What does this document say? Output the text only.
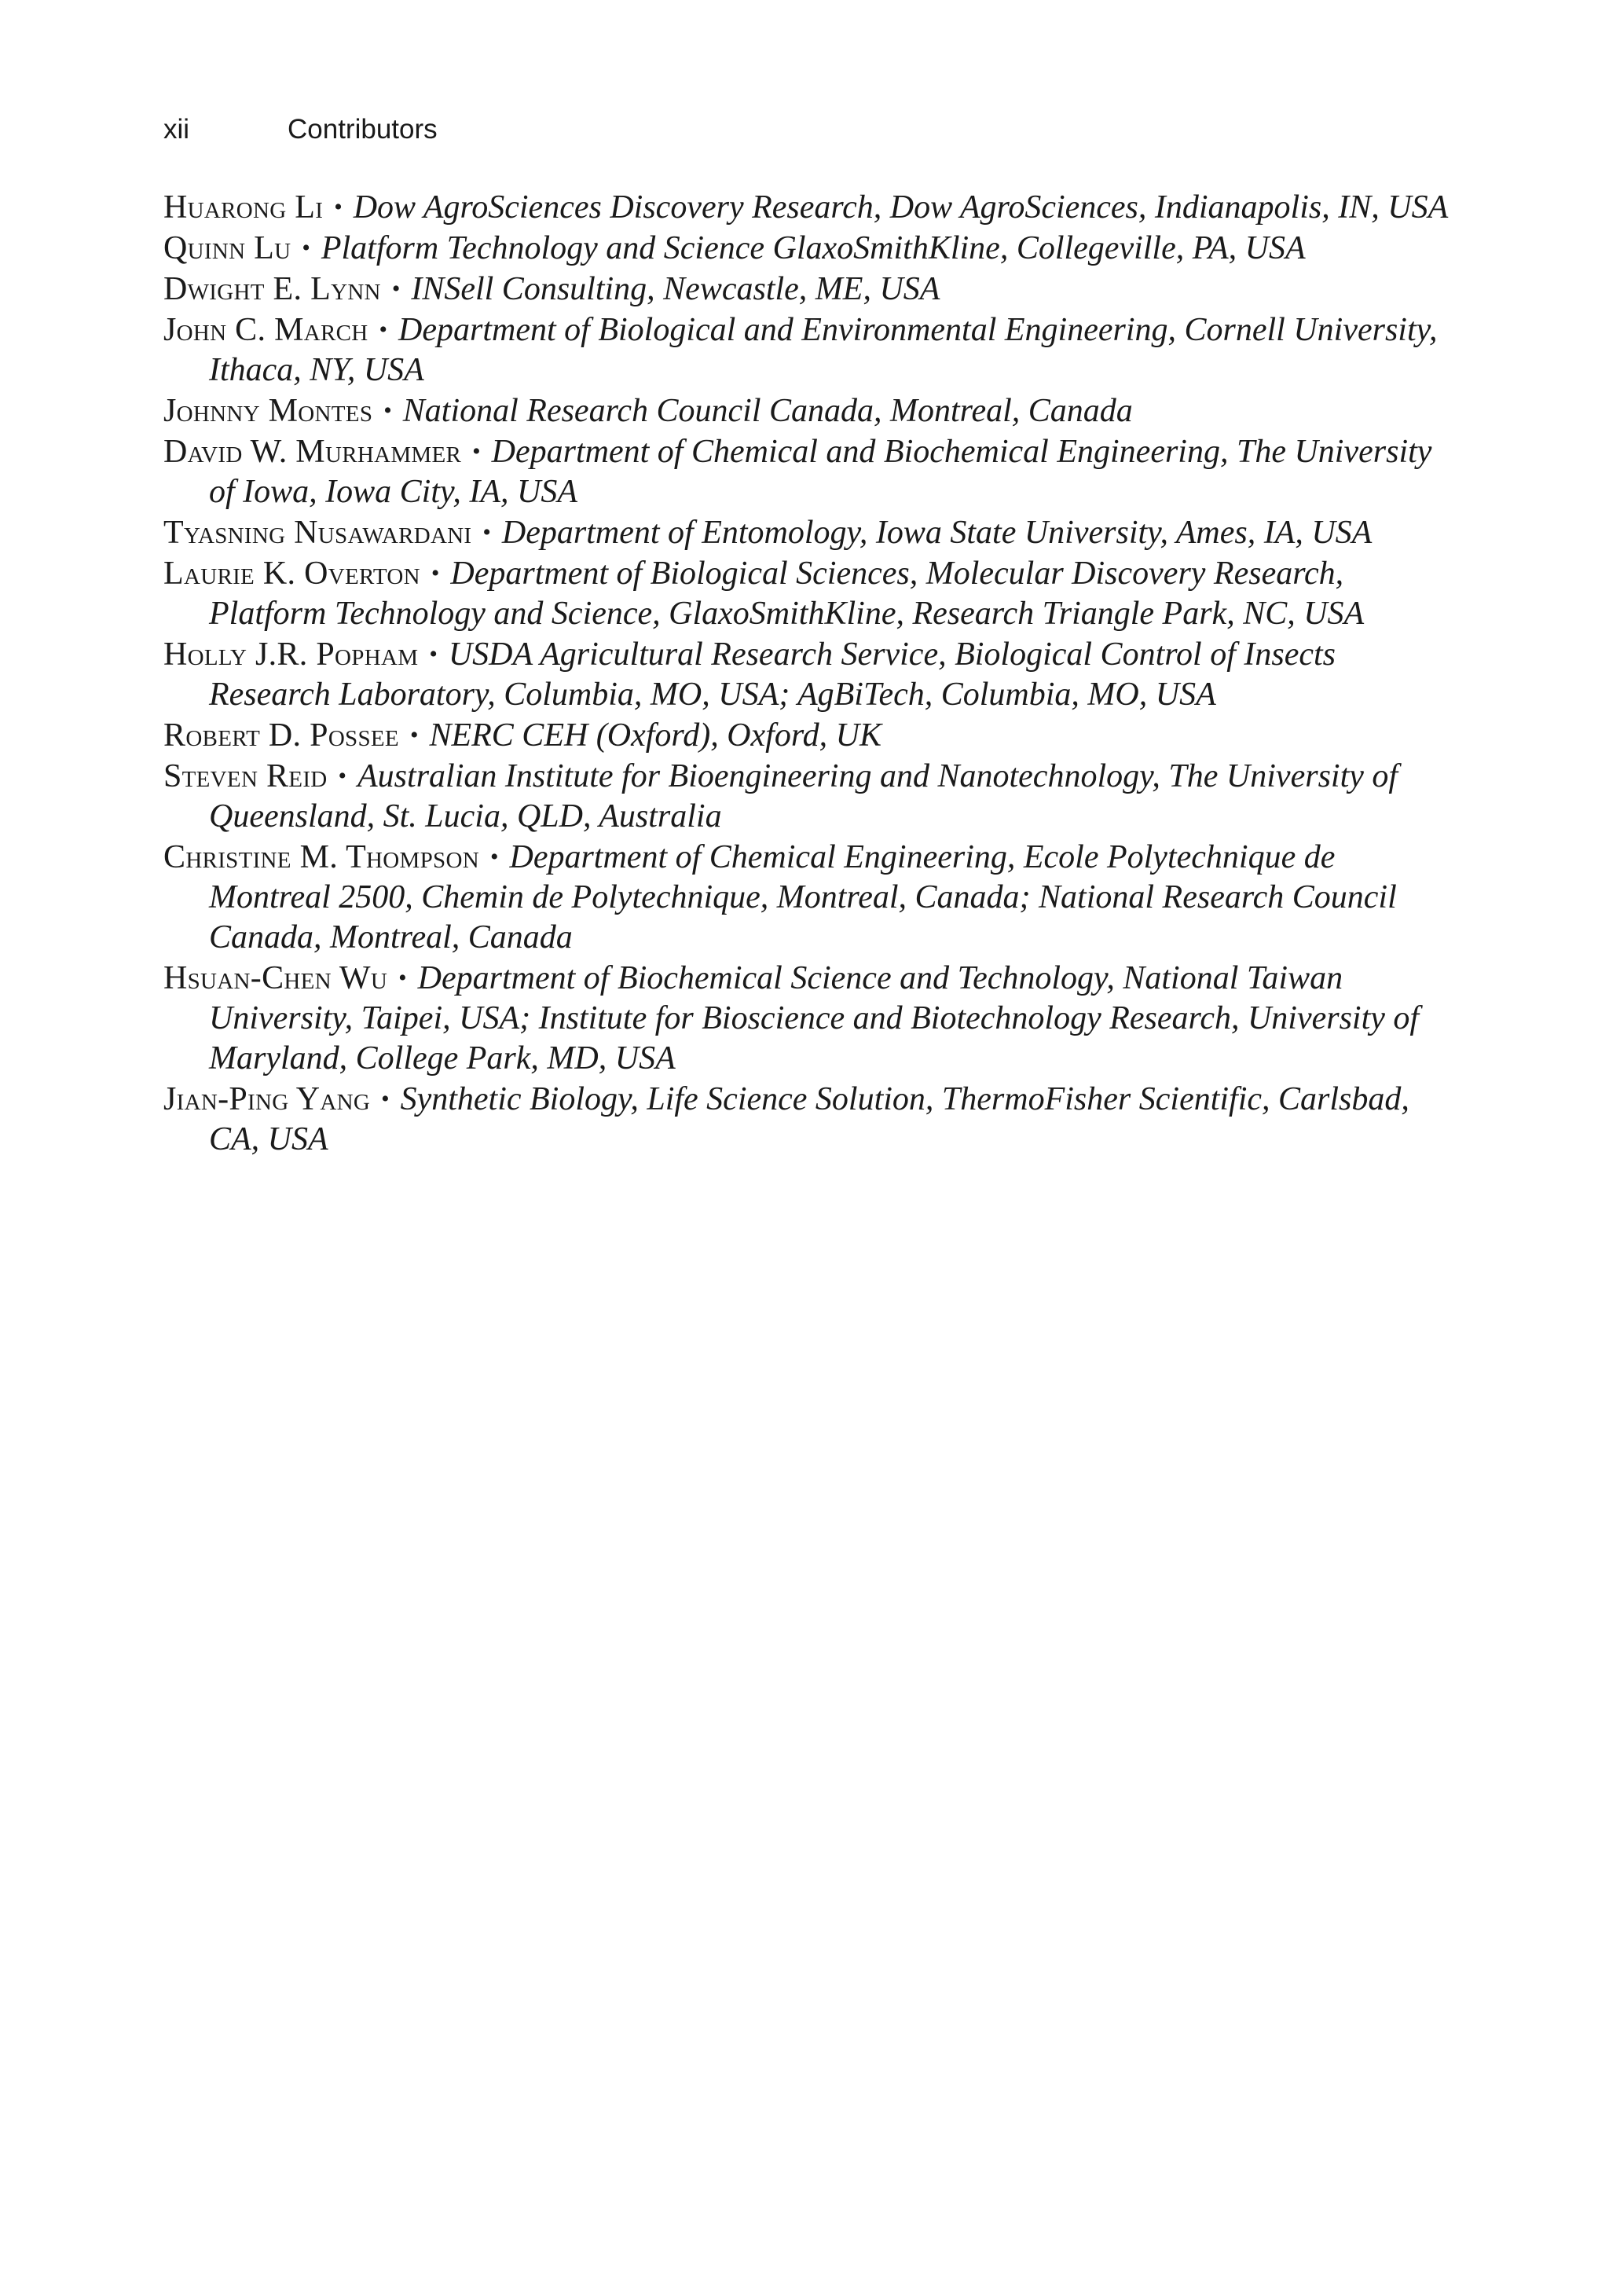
xii	Contributors
Huarong Li • Dow AgroSciences Discovery Research, Dow AgroSciences, Indianapolis, IN, USA
Quinn Lu • Platform Technology and Science GlaxoSmithKline, Collegeville, PA, USA
Dwight E. Lynn • INSell Consulting, Newcastle, ME, USA
John C. March • Department of Biological and Environmental Engineering, Cornell University, Ithaca, NY, USA
Johnny Montes • National Research Council Canada, Montreal, Canada
David W. Murhammer • Department of Chemical and Biochemical Engineering, The University of Iowa, Iowa City, IA, USA
Tyasning Nusawardani • Department of Entomology, Iowa State University, Ames, IA, USA
Laurie K. Overton • Department of Biological Sciences, Molecular Discovery Research, Platform Technology and Science, GlaxoSmithKline, Research Triangle Park, NC, USA
Holly J.R. Popham • USDA Agricultural Research Service, Biological Control of Insects Research Laboratory, Columbia, MO, USA; AgBiTech, Columbia, MO, USA
Robert D. Possee • NERC CEH (Oxford), Oxford, UK
Steven Reid • Australian Institute for Bioengineering and Nanotechnology, The University of Queensland, St. Lucia, QLD, Australia
Christine M. Thompson • Department of Chemical Engineering, Ecole Polytechnique de Montreal 2500, Chemin de Polytechnique, Montreal, Canada; National Research Council Canada, Montreal, Canada
Hsuan-Chen Wu • Department of Biochemical Science and Technology, National Taiwan University, Taipei, USA; Institute for Bioscience and Biotechnology Research, University of Maryland, College Park, MD, USA
Jian-Ping Yang • Synthetic Biology, Life Science Solution, ThermoFisher Scientific, Carlsbad, CA, USA
